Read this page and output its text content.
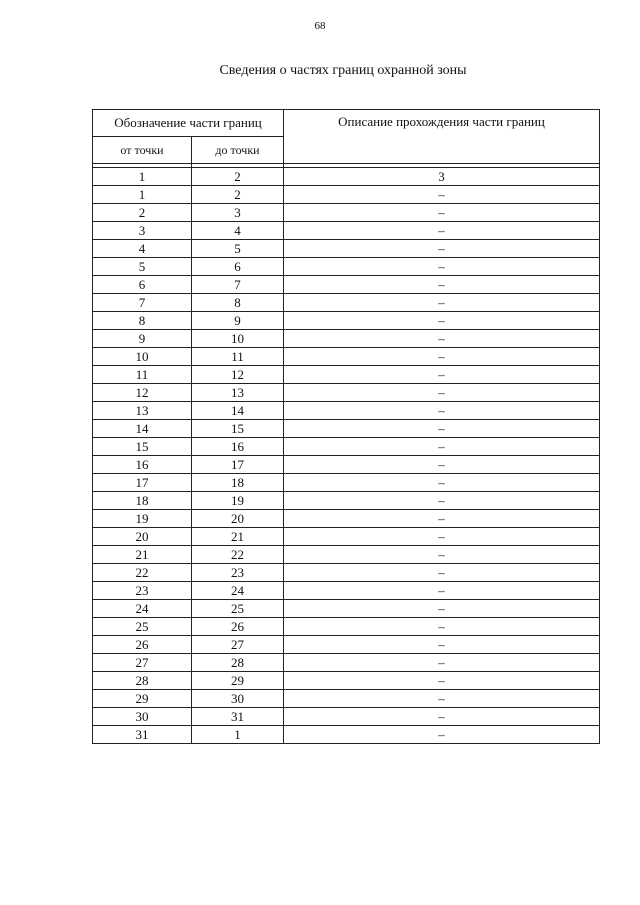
68
Сведения о частях границ охранной зоны
Обозначение части границ		Описание прохождения части границ
от точки	до точки	

1	2	3
1	2	–
2	3	–
3	4	–
4	5	–
5	6	–
6	7	–
7	8	–
8	9	–
9	10	–
10	11	–
11	12	–
12	13	–
13	14	–
14	15	–
15	16	–
16	17	–
17	18	–
18	19	–
19	20	–
20	21	–
21	22	–
22	23	–
23	24	–
24	25	–
25	26	–
26	27	–
27	28	–
28	29	–
29	30	–
30	31	–
31	1	–
